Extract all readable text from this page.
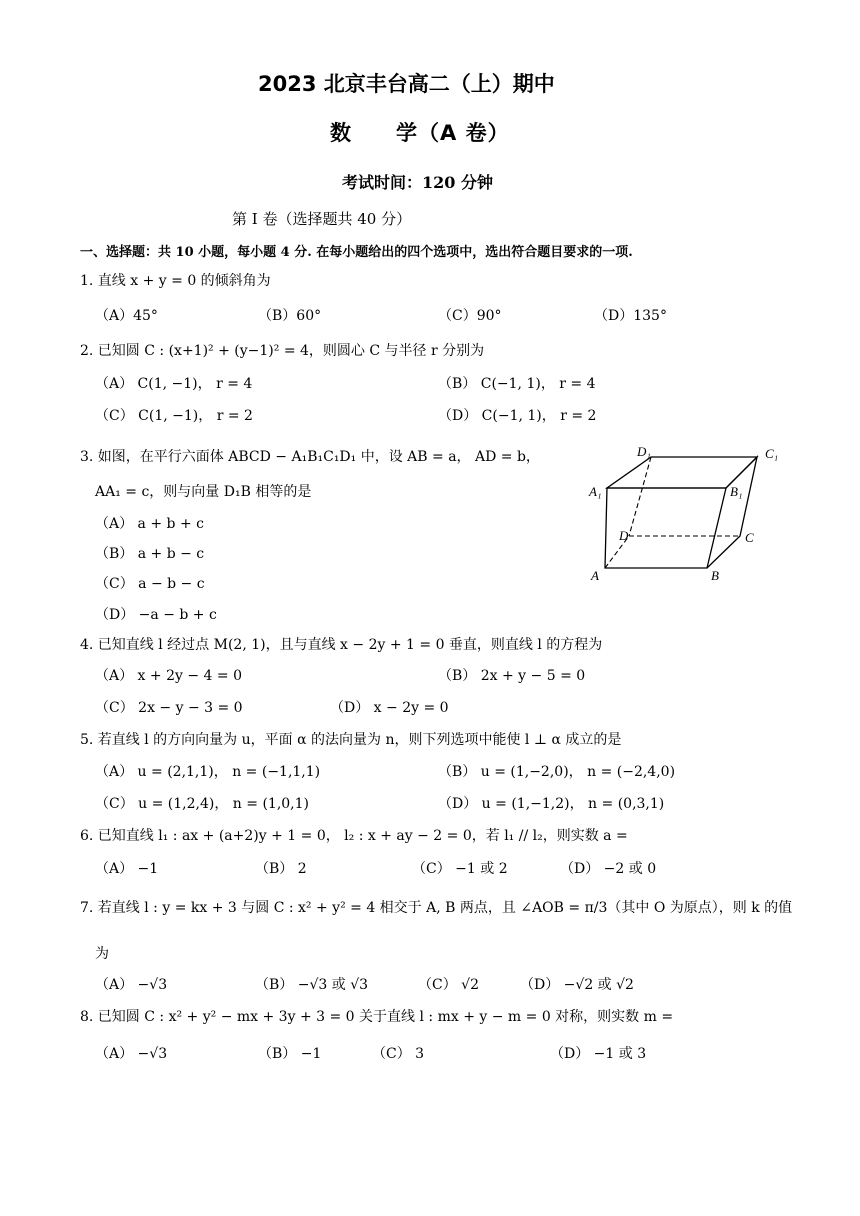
2023 北京丰台高二（上）期中
数　　学（A 卷）
考试时间：120 分钟
第 I 卷（选择题共 40 分）
一、选择题：共 10 小题，每小题 4 分. 在每小题给出的四个选项中，选出符合题目要求的一项.
1. 直线 x + y = 0 的倾斜角为
（A）45°	（B）60°	（C）90°	（D）135°
2. 已知圆 C : (x+1)² + (y−1)² = 4，则圆心 C 与半径 r 分别为
（A） C(1, −1)， r = 4	（B） C(−1, 1)， r = 4
（C） C(1, −1)， r = 2	（D） C(−1, 1)， r = 2
3. 如图，在平行六面体 ABCD − A₁B₁C₁D₁ 中，设 AB = a， AD = b，
AA₁ = c，则与向量 D₁B 相等的是
（A） a + b + c
（B） a + b − c
（C） a − b − c
（D） −a − b + c
D₁	C₁
A₁	B₁
D	C
A	B
4. 已知直线 l 经过点 M(2, 1)，且与直线 x − 2y + 1 = 0 垂直，则直线 l 的方程为
（A） x + 2y − 4 = 0	（B） 2x + y − 5 = 0
（C） 2x − y − 3 = 0	（D） x − 2y = 0
5. 若直线 l 的方向向量为 u，平面 α 的法向量为 n，则下列选项中能使 l ⊥ α 成立的是
（A） u = (2,1,1)， n = (−1,1,1)	（B） u = (1,−2,0)， n = (−2,4,0)
（C） u = (1,2,4)， n = (1,0,1)	（D） u = (1,−1,2)， n = (0,3,1)
6. 已知直线 l₁ : ax + (a+2)y + 1 = 0， l₂ : x + ay − 2 = 0，若 l₁ // l₂，则实数 a =
（A） −1	（B） 2	（C） −1 或 2	（D） −2 或 0
7. 若直线 l : y = kx + 3 与圆 C : x² + y² = 4 相交于 A, B 两点，且 ∠AOB = π/3（其中 O 为原点），则 k 的值
为
（A） −√3	（B） −√3 或 √3	（C） √2	（D） −√2 或 √2
8. 已知圆 C : x² + y² − mx + 3y + 3 = 0 关于直线 l : mx + y − m = 0 对称，则实数 m =
（A） −√3	（B） −1	（C） 3	（D） −1 或 3
